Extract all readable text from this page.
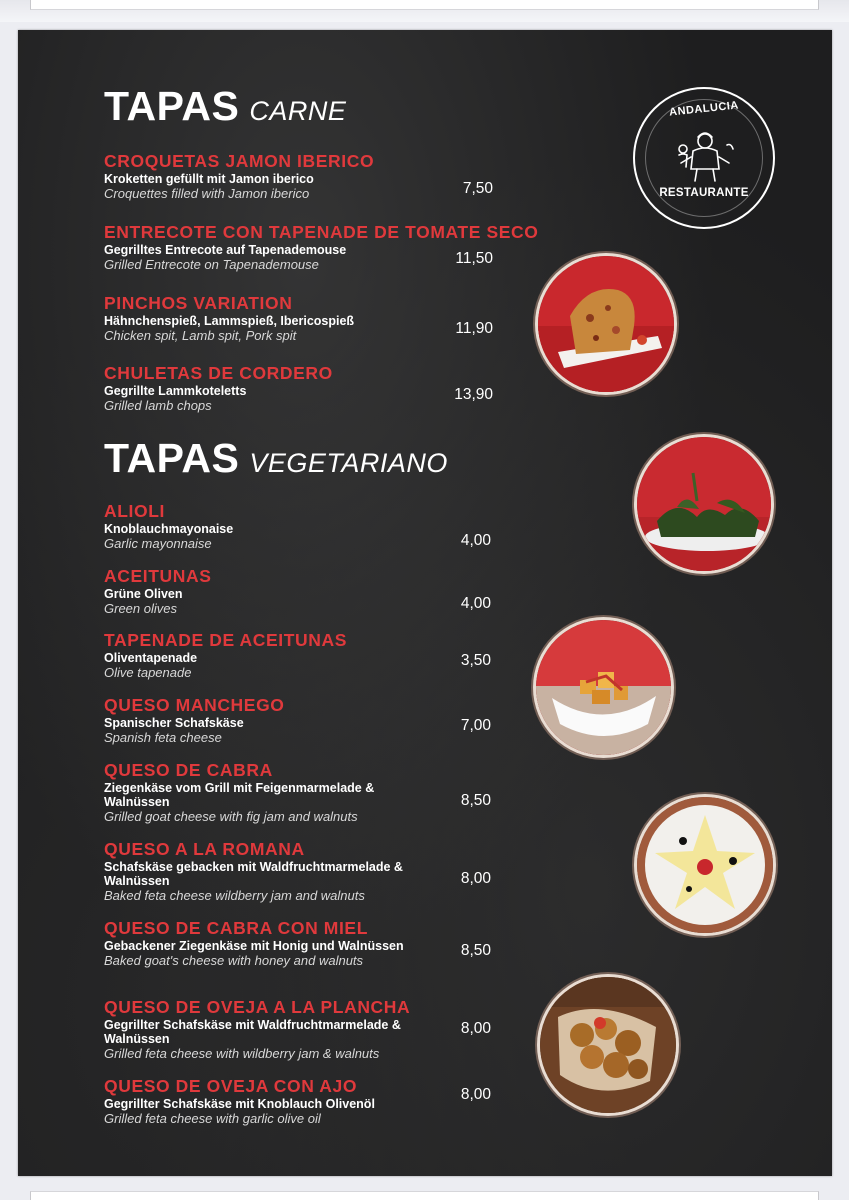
TAPAS CARNE
TAPAS VEGETARIANO
ANDALUCIA
RESTAURANTE
CROQUETAS JAMON IBERICO
Kroketten gefüllt mit Jamon iberico
Croquettes filled with Jamon iberico	7,50
ENTRECOTE CON TAPENADE DE TOMATE SECO
Gegrilltes Entrecote auf Tapenademouse
Grilled Entrecote on Tapenademouse	11,50
PINCHOS VARIATION
Hähnchenspieß, Lammspieß, Ibericospieß
Chicken spit, Lamb spit, Pork spit	11,90
CHULETAS DE CORDERO
Gegrillte Lammkoteletts
Grilled lamb chops
13,90
ALIOLI
Knoblauchmayonaise
Garlic mayonnaise	4,00
ACEITUNAS
Grüne Oliven
Green olives	4,00
TAPENADE DE ACEITUNAS
Oliventapenade
Olive tapenade
3,50
QUESO MANCHEGO
Spanischer Schafskäse
Spanish feta cheese
7,00
QUESO DE CABRA
Ziegenkäse vom Grill mit Feigenmarmelade & Walnüssen
Grilled goat cheese with fig jam and walnuts
8,50
QUESO A LA ROMANA
Schafskäse gebacken mit Waldfruchtmarmelade & Walnüssen
Baked feta cheese wildberry jam and walnuts
8,00
QUESO DE CABRA CON MIEL
Gebackener Ziegenkäse mit Honig und Walnüssen
Baked goat's cheese with honey and walnuts
8,50
QUESO DE OVEJA A LA PLANCHA
Gegrillter Schafskäse mit Waldfruchtmarmelade & Walnüssen
Grilled feta cheese with wildberry jam & walnuts
8,00
QUESO DE OVEJA CON AJO
Gegrillter Schafskäse mit Knoblauch Olivenöl
Grilled feta cheese with garlic olive oil
8,00
